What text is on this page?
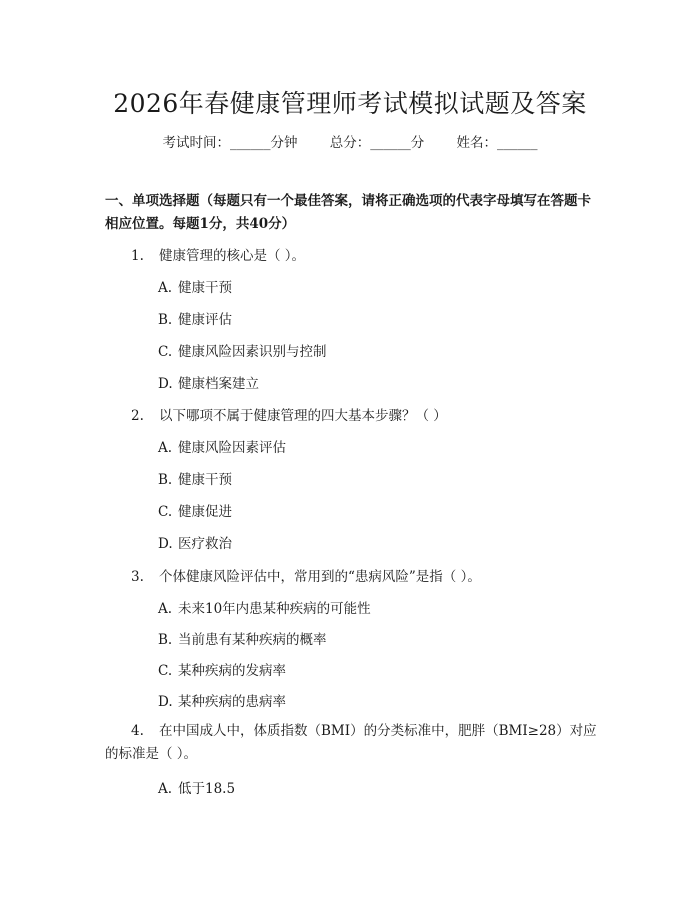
2026年春健康管理师考试模拟试题及答案
考试时间：______分钟 总分：______分 姓名：______
一、单项选择题（每题只有一个最佳答案，请将正确选项的代表字母填写在答题卡相应位置。每题1分，共40分）
1. 健康管理的核心是（ ）。
A. 健康干预
B. 健康评估
C. 健康风险因素识别与控制
D. 健康档案建立
2. 以下哪项不属于健康管理的四大基本步骤？（ ）
A. 健康风险因素评估
B. 健康干预
C. 健康促进
D. 医疗救治
3. 个体健康风险评估中，常用到的“患病风险”是指（ ）。
A. 未来10年内患某种疾病的可能性
B. 当前患有某种疾病的概率
C. 某种疾病的发病率
D. 某种疾病的患病率
4. 在中国成人中，体质指数（BMI）的分类标准中，肥胖（BMI≥28）对应的标准是（ ）。
A. 低于18.5
